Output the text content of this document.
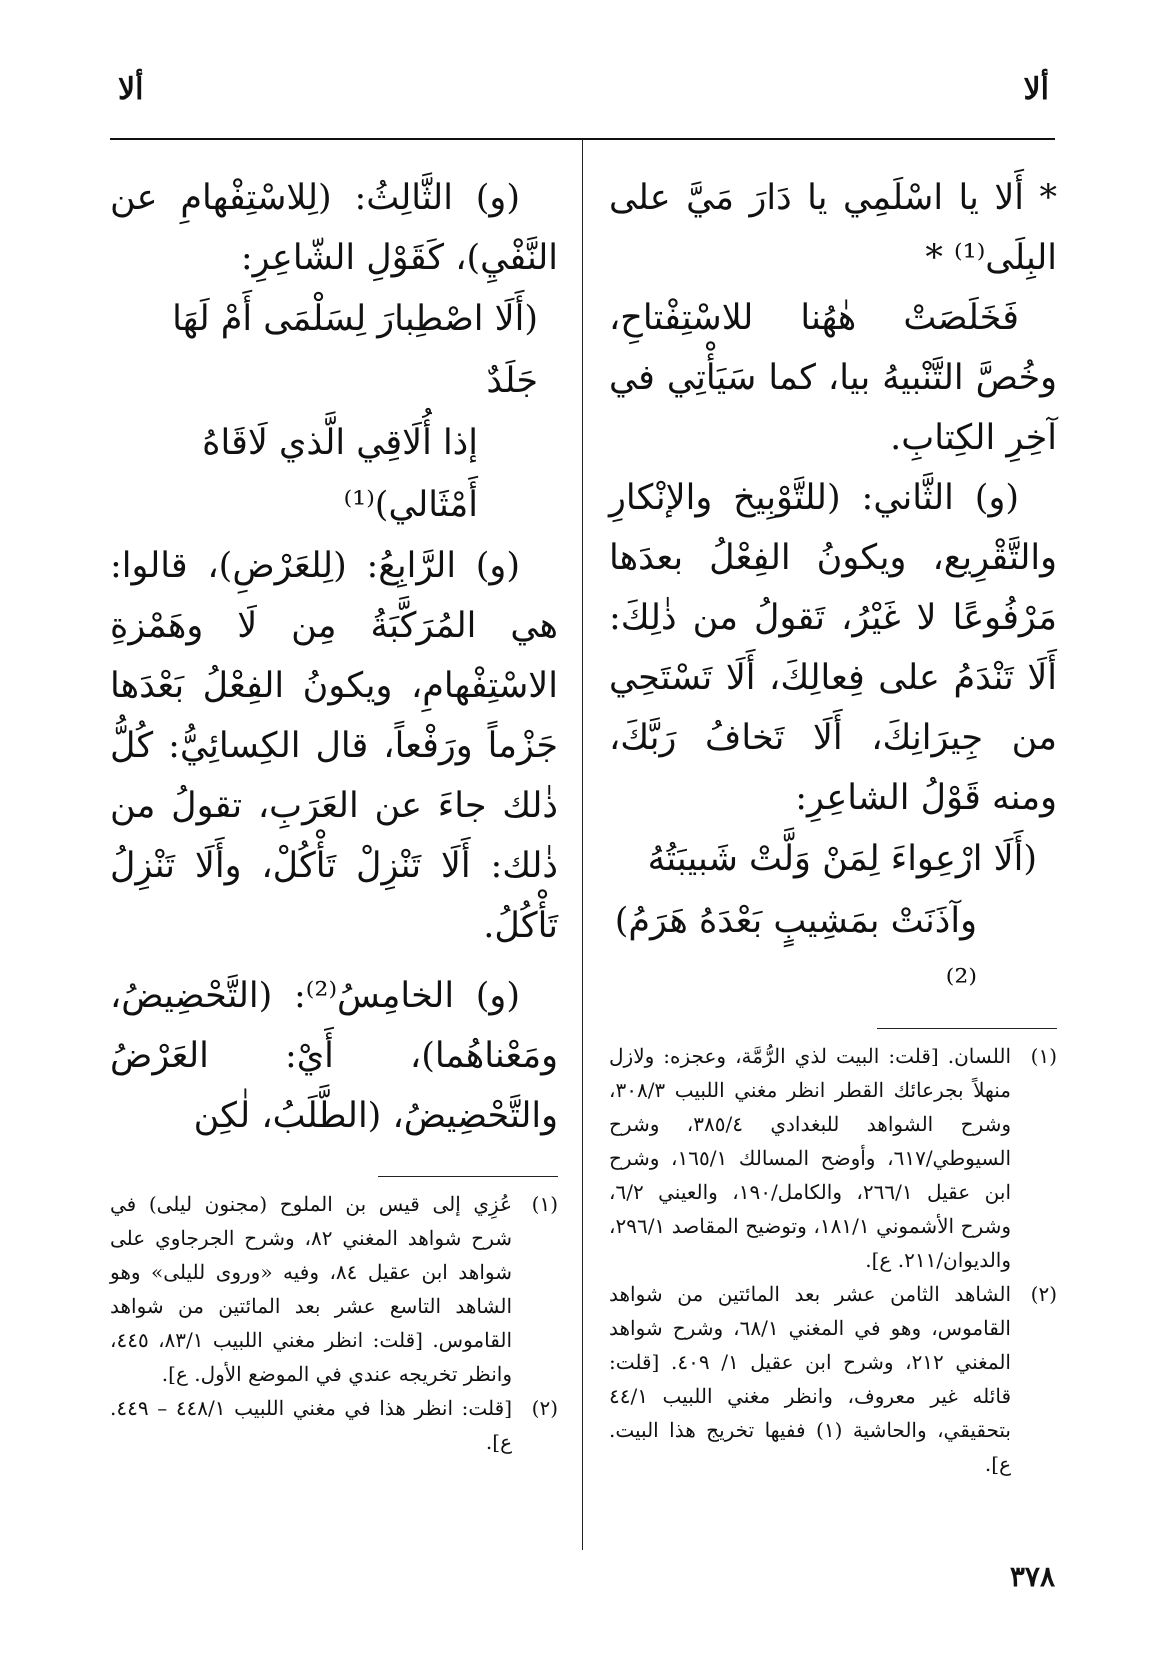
ألا
ألا

* أَلا يا اسْلَمِي يا دَارَ مَيَّ على البِلَى⁽¹⁾ *

فَخَلَصَتْ هٰهُنا للاسْتِفْتاحِ، وخُصَّ التَّنْبيهُ بيا، كما سَيَأْتِي في آخِرِ الكِتابِ.

(و) الثَّاني: (للتَّوْبِيخ والإنْكارِ والتَّقْرِيع، ويكونُ الفِعْلُ بعدَها مَرْفُوعًا لا غَيْرُ، تَقولُ من ذٰلِكَ: أَلَا تَنْدَمُ على فِعالِكَ، أَلَا تَسْتَحِي من جِيرَانِكَ، أَلَا تَخافُ رَبَّكَ، ومنه قَوْلُ الشاعِرِ:

(أَلَا ارْعِواءَ لِمَنْ وَلَّتْ شَبيبَتُهُ
وآذَنَتْ بمَشِيبٍ بَعْدَهُ هَرَمُ)⁽²⁾
(١)
اللسان. [قلت: البيت لذي الرُّمَّة، وعجزه: ولازل منهلاً بجرعائك القطر انظر مغني اللبيب ٣٠٨/٣، وشرح الشواهد للبغدادي ٣٨٥/٤، وشرح السيوطي/٦١٧، وأوضح المسالك ١٦٥/١، وشرح ابن عقيل ٢٦٦/١، والكامل/١٩٠، والعيني ٦/٢، وشرح الأشموني ١٨١/١، وتوضيح المقاصد ٢٩٦/١، والديوان/٢١١. ع].
(٢)
الشاهد الثامن عشر بعد المائتين من شواهد القاموس، وهو في المغني ٦٨/١، وشرح شواهد المغني ٢١٢، وشرح ابن عقيل ١/ ٤٠٩. [قلت: قائله غير معروف، وانظر مغني اللبيب ٤٤/١ بتحقيقي، والحاشية (١) ففيها تخريج هذا البيت. ع].

(و) الثَّالِثُ: (لِلاسْتِفْهامِ عن النَّفْيِ)، كَقَوْلِ الشّاعِرِ:

(أَلَا اصْطِبارَ لِسَلْمَى أَمْ لَهَا جَلَدٌ
إذا أُلَاقِي الَّذي لَاقَاهُ أَمْثَالي)⁽¹⁾

(و) الرَّابِعُ: (لِلعَرْضِ)، قالوا: هي المُرَكَّبَةُ مِن لَا وهَمْزةِ الاسْتِفْهامِ، ويكونُ الفِعْلُ بَعْدَها جَزْماً ورَفْعاً، قال الكِسائِيُّ: كُلُّ ذٰلك جاءَ عن العَرَبِ، تقولُ من ذٰلك: أَلَا تَنْزِلْ تَأْكُلْ، وأَلَا تَنْزِلُ تَأْكُلُ.

(و) الخامِسُ⁽²⁾: (التَّحْضِيضُ، ومَعْناهُما)، أَيْ: العَرْضُ والتَّحْضِيضُ، (الطَّلَبُ، لٰكِن

(١)
عُزِي إلى قيس بن الملوح (مجنون ليلى) في شرح شواهد المغني ٨٢، وشرح الجرجاوي على شواهد ابن عقيل ٨٤، وفيه «وروى لليلى» وهو الشاهد التاسع عشر بعد المائتين من شواهد القاموس. [قلت: انظر مغني اللبيب ٨٣/١، ٤٤٥، وانظر تخريجه عندي في الموضع الأول. ع].
(٢)
[قلت: انظر هذا في مغني اللبيب ٤٤٨/١ – ٤٤٩. ع].
٣٧٨
